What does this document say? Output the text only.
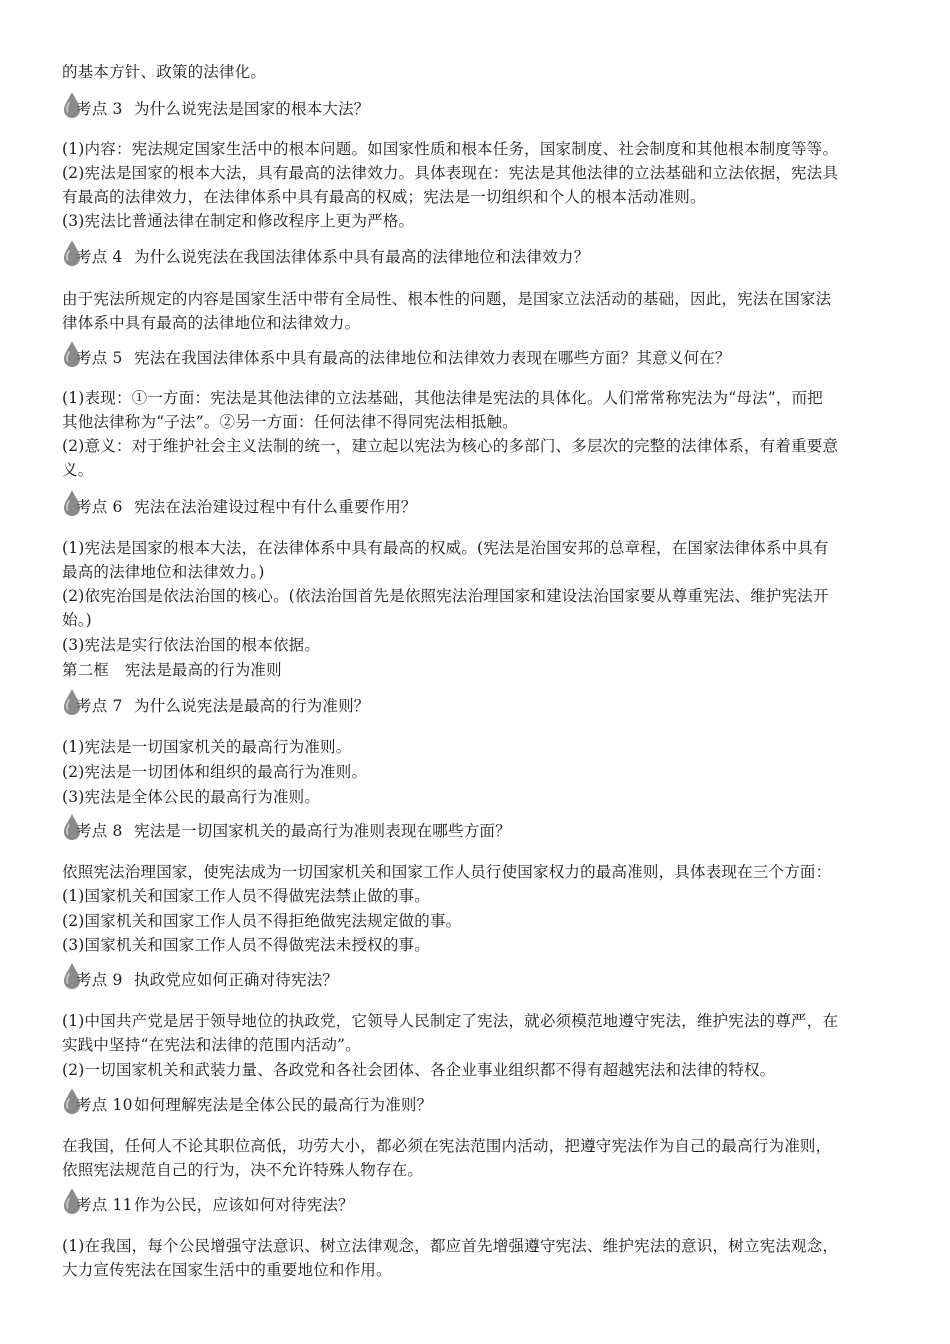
的基本方针、政策的法律化。
考点 3 为什么说宪法是国家的根本大法？
(1)内容：宪法规定国家生活中的根本问题。如国家性质和根本任务，国家制度、社会制度和其他根本制度等等。
(2)宪法是国家的根本大法，具有最高的法律效力。具体表现在：宪法是其他法律的立法基础和立法依据，宪法具
有最高的法律效力，在法律体系中具有最高的权威；宪法是一切组织和个人的根本活动准则。
(3)宪法比普通法律在制定和修改程序上更为严格。
考点 4 为什么说宪法在我国法律体系中具有最高的法律地位和法律效力？
由于宪法所规定的内容是国家生活中带有全局性、根本性的问题，是国家立法活动的基础，因此，宪法在国家法
律体系中具有最高的法律地位和法律效力。
考点 5 宪法在我国法律体系中具有最高的法律地位和法律效力表现在哪些方面？其意义何在？
(1)表现：①一方面：宪法是其他法律的立法基础，其他法律是宪法的具体化。人们常常称宪法为“母法”，而把
其他法律称为“子法”。②另一方面：任何法律不得同宪法相抵触。
(2)意义：对于维护社会主义法制的统一，建立起以宪法为核心的多部门、多层次的完整的法律体系，有着重要意
义。
考点 6 宪法在法治建设过程中有什么重要作用？
(1)宪法是国家的根本大法，在法律体系中具有最高的权威。(宪法是治国安邦的总章程，在国家法律体系中具有
最高的法律地位和法律效力。)
(2)依宪治国是依法治国的核心。(依法治国首先是依照宪法治理国家和建设法治国家要从尊重宪法、维护宪法开
始。)
(3)宪法是实行依法治国的根本依据。
第二框　宪法是最高的行为准则
考点 7 为什么说宪法是最高的行为准则？
(1)宪法是一切国家机关的最高行为准则。
(2)宪法是一切团体和组织的最高行为准则。
(3)宪法是全体公民的最高行为准则。
考点 8 宪法是一切国家机关的最高行为准则表现在哪些方面？
依照宪法治理国家，使宪法成为一切国家机关和国家工作人员行使国家权力的最高准则，具体表现在三个方面：
(1)国家机关和国家工作人员不得做宪法禁止做的事。
(2)国家机关和国家工作人员不得拒绝做宪法规定做的事。
(3)国家机关和国家工作人员不得做宪法未授权的事。
考点 9 执政党应如何正确对待宪法？
(1)中国共产党是居于领导地位的执政党，它领导人民制定了宪法，就必须模范地遵守宪法，维护宪法的尊严，在
实践中坚持“在宪法和法律的范围内活动”。
(2)一切国家机关和武装力量、各政党和各社会团体、各企业事业组织都不得有超越宪法和法律的特权。
考点 10如何理解宪法是全体公民的最高行为准则？
在我国，任何人不论其职位高低，功劳大小，都必须在宪法范围内活动，把遵守宪法作为自己的最高行为准则，
依照宪法规范自己的行为，决不允许特殊人物存在。
考点 11作为公民，应该如何对待宪法？
(1)在我国，每个公民增强守法意识、树立法律观念，都应首先增强遵守宪法、维护宪法的意识，树立宪法观念，
大力宣传宪法在国家生活中的重要地位和作用。
